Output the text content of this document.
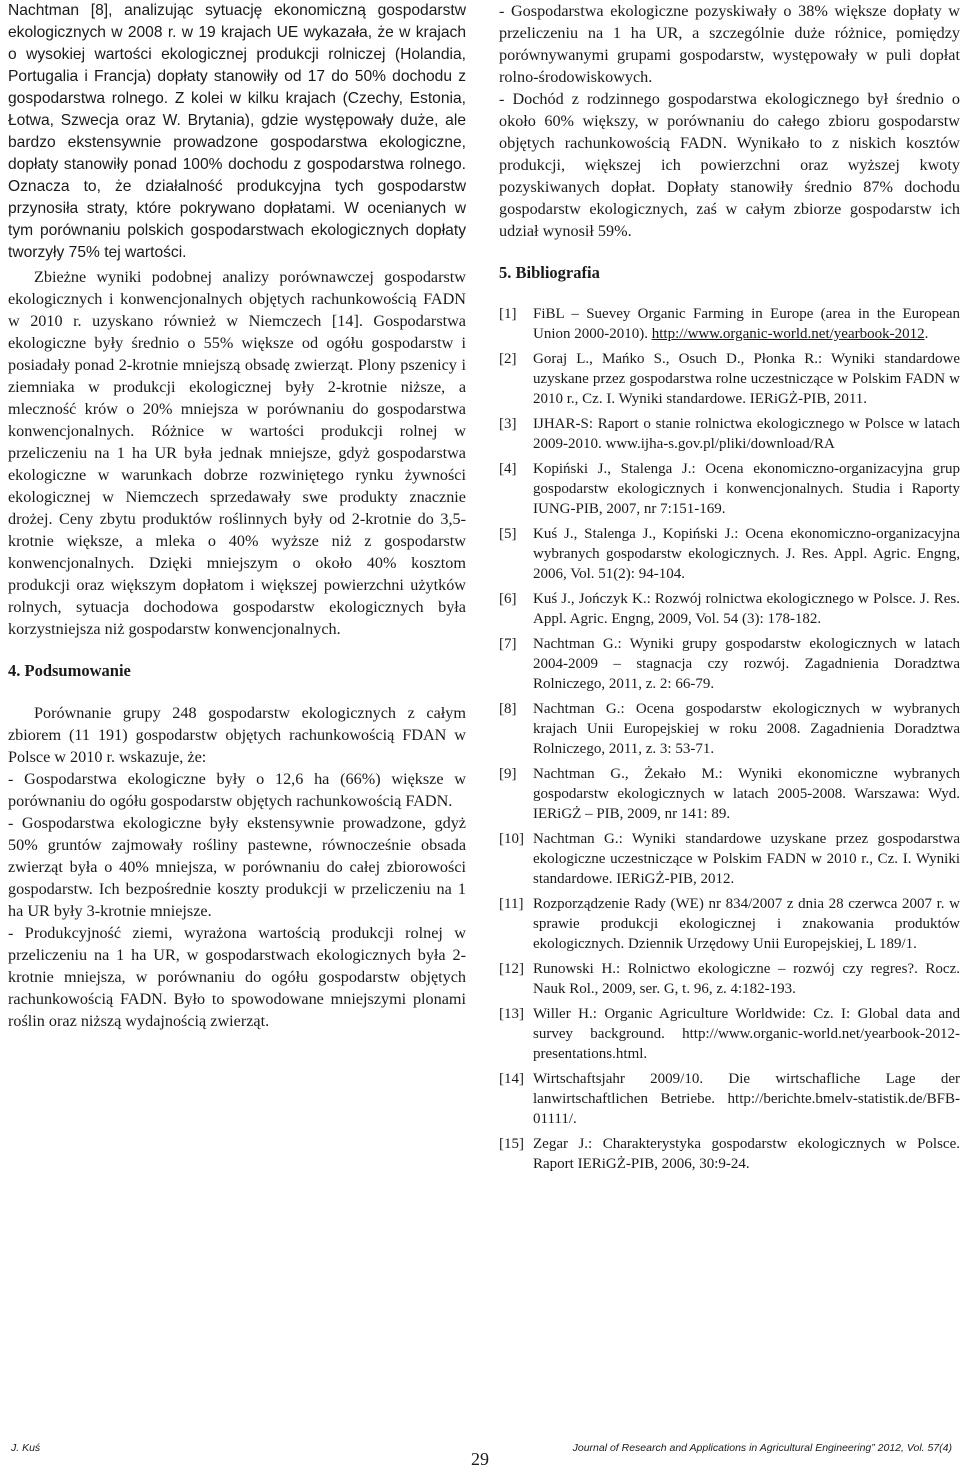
Nachtman [8], analizując sytuację ekonomiczną gospodarstw ekologicznych w 2008 r. w 19 krajach UE wykazała, że w krajach o wysokiej wartości ekologicznej produkcji rolniczej (Holandia, Portugalia i Francja) dopłaty stanowiły od 17 do 50% dochodu z gospodarstwa rolnego. Z kolei w kilku krajach (Czechy, Estonia, Łotwa, Szwecja oraz W. Brytania), gdzie występowały duże, ale bardzo ekstensywnie prowadzone gospodarstwa ekologiczne, dopłaty stanowiły ponad 100% dochodu z gospodarstwa rolnego. Oznacza to, że działalność produkcyjna tych gospodarstw przynosiła straty, które pokrywano dopłatami. W ocenianych w tym porównaniu polskich gospodarstwach ekologicznych dopłaty tworzyły 75% tej wartości.

Zbieżne wyniki podobnej analizy porównawczej gospodarstw ekologicznych i konwencjonalnych objętych rachunkowością FADN w 2010 r. uzyskano również w Niemczech [14]. Gospodarstwa ekologiczne były średnio o 55% większe od ogółu gospodarstw i posiadały ponad 2-krotnie mniejszą obsadę zwierząt. Plony pszenicy i ziemniaka w produkcji ekologicznej były 2-krotnie niższe, a mleczność krów o 20% mniejsza w porównaniu do gospodarstwa konwencjonalnych. Różnice w wartości produkcji rolnej w przeliczeniu na 1 ha UR była jednak mniejsze, gdyż gospodarstwa ekologiczne w warunkach dobrze rozwiniętego rynku żywności ekologicznej w Niemczech sprzedawały swe produkty znacznie drożej. Ceny zbytu produktów roślinnych były od 2-krotnie do 3,5-krotnie większe, a mleka o 40% wyższe niż z gospodarstw konwencjonalnych. Dzięki mniejszym o około 40% kosztom produkcji oraz większym dopłatom i większej powierzchni użytków rolnych, sytuacja dochodowa gospodarstw ekologicznych była korzystniejsza niż gospodarstw konwencjonalnych.

4. Podsumowanie

Porównanie grupy 248 gospodarstw ekologicznych z całym zbiorem (11 191) gospodarstw objętych rachunkowością FDAN w Polsce w 2010 r. wskazuje, że:

- Gospodarstwa ekologiczne były o 12,6 ha (66%) większe w porównaniu do ogółu gospodarstw objętych rachunkowością FADN.

- Gospodarstwa ekologiczne były ekstensywnie prowadzone, gdyż 50% gruntów zajmowały rośliny pastewne, równocześnie obsada zwierząt była o 40% mniejsza, w porównaniu do całej zbiorowości gospodarstw. Ich bezpośrednie koszty produkcji w przeliczeniu na 1 ha UR były 3-krotnie mniejsze.

- Produkcyjność ziemi, wyrażona wartością produkcji rolnej w przeliczeniu na 1 ha UR, w gospodarstwach ekologicznych była 2-krotnie mniejsza, w porównaniu do ogółu gospodarstw objętych rachunkowością FADN. Było to spowodowane mniejszymi plonami roślin oraz niższą wydajnością zwierząt.

- Gospodarstwa ekologiczne pozyskiwały o 38% większe dopłaty w przeliczeniu na 1 ha UR, a szczególnie duże różnice, pomiędzy porównywanymi grupami gospodarstw, występowały w puli dopłat rolno-środowiskowych.

- Dochód z rodzinnego gospodarstwa ekologicznego był średnio o około 60% większy, w porównaniu do całego zbioru gospodarstw objętych rachunkowością FADN. Wynikało to z niskich kosztów produkcji, większej ich powierzchni oraz wyższej kwoty pozyskiwanych dopłat. Dopłaty stanowiły średnio 87% dochodu gospodarstw ekologicznych, zaś w całym zbiorze gospodarstw ich udział wynosił 59%.

5. Bibliografia

[1]	FiBL – Suevey Organic Farming in Europe (area in the European Union 2000-2010). http://www.organic-world.net/yearbook-2012.
[2]	Goraj L., Mańko S., Osuch D., Płonka R.: Wyniki standardowe uzyskane przez gospodarstwa rolne uczestniczące w Polskim FADN w 2010 r., Cz. I. Wyniki standardowe. IERiGŻ-PIB, 2011.
[3]	IJHAR-S: Raport o stanie rolnictwa ekologicznego w Polsce w latach 2009-2010. www.ijha-s.gov.pl/pliki/download/RA
[4]	Kopiński J., Stalenga J.: Ocena ekonomiczno-organizacyjna grup gospodarstw ekologicznych i konwencjonalnych. Studia i Raporty IUNG-PIB, 2007, nr 7:151-169.
[5]	Kuś J., Stalenga J., Kopiński J.: Ocena ekonomiczno-organizacyjna wybranych gospodarstw ekologicznych. J. Res. Appl. Agric. Engng, 2006, Vol. 51(2): 94-104.
[6]	Kuś J., Jończyk K.: Rozwój rolnictwa ekologicznego w Polsce. J. Res. Appl. Agric. Engng, 2009, Vol. 54 (3): 178-182.
[7]	Nachtman G.: Wyniki grupy gospodarstw ekologicznych w latach 2004-2009 – stagnacja czy rozwój. Zagadnienia Doradztwa Rolniczego, 2011, z. 2: 66-79.
[8]	Nachtman G.: Ocena gospodarstw ekologicznych w wybranych krajach Unii Europejskiej w roku 2008. Zagadnienia Doradztwa Rolniczego, 2011, z. 3: 53-71.
[9]	Nachtman G., Żekało M.: Wyniki ekonomiczne wybranych gospodarstw ekologicznych w latach 2005-2008. Warszawa: Wyd. IERiGŻ – PIB, 2009, nr 141: 89.
[10] Nachtman G.: Wyniki standardowe uzyskane przez gospodarstwa ekologiczne uczestniczące w Polskim FADN w 2010 r., Cz. I. Wyniki standardowe. IERiGŻ-PIB, 2012.
[11] Rozporządzenie Rady (WE) nr 834/2007 z dnia 28 czerwca 2007 r. w sprawie produkcji ekologicznej i znakowania produktów ekologicznych. Dziennik Urzędowy Unii Europejskiej, L 189/1.
[12] Runowski H.: Rolnictwo ekologiczne – rozwój czy regres?. Rocz. Nauk Rol., 2009, ser. G, t. 96, z. 4:182-193.
[13] Willer H.: Organic Agriculture Worldwide: Cz. I: Global data and survey background. http://www.organic-world.net/yearbook-2012-presentations.html.
[14] Wirtschaftsjahr 2009/10. Die wirtschafliche Lage der lanwirtschaftlichen Betriebe. http://berichte.bmelv-statistik.de/BFB-01111/.
[15] Zegar J.: Charakterystyka gospodarstw ekologicznych w Polsce. Raport IERiGŻ-PIB, 2006, 30:9-24.
J. Kuś
29
Journal of Research and Applications in Agricultural Engineering” 2012, Vol. 57(4)
